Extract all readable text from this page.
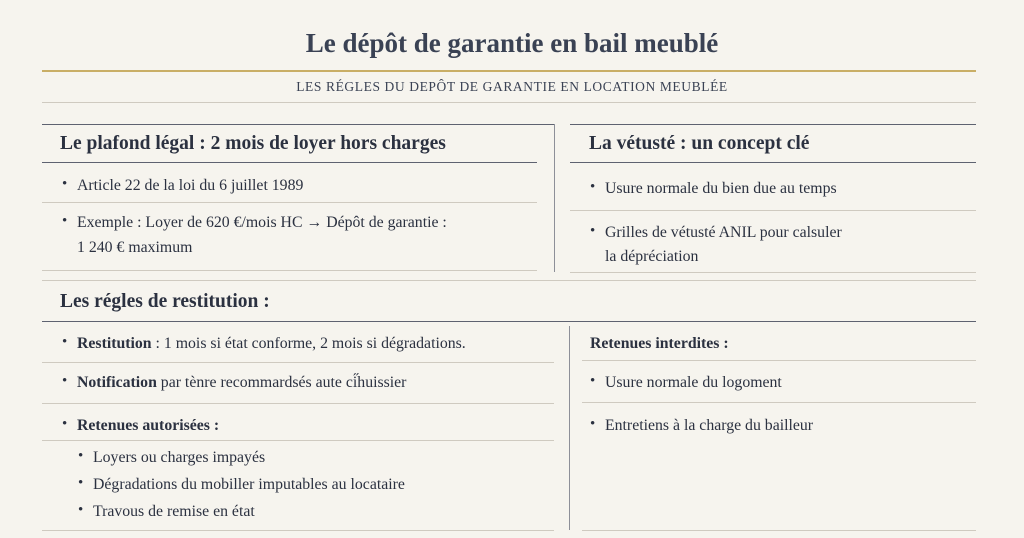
Le dépôt de garantie en bail meublé
LES RÉGLES DU DEPÔT DE GARANTIE EN LOCATION MEUBLÉE
Le plafond légal : 2 mois de loyer hors charges
• Article 22 de la loi du 6 juillet 1989
• Exemple : Loyer de 620 €/mois HC → Dépôt de garantie :
1 240 € maximum
La vétusté : un concept clé
• Usure normale du bien due au temps
• Grilles de vétusté ANIL pour calsuler
la dépréciation
Les régles de restitution :
• Restitution : 1 mois si état conforme, 2 mois si dégradations.
• Notification par tènre recommardsés aute ci̋huissier
• Retenues autorisées :
• Loyers ou charges impayés
• Dégradations du mobiller imputables au locataire
• Travous de remise en état
Retenues interdites :
• Usure normale du logoment
• Entretiens à la charge du bailleur
